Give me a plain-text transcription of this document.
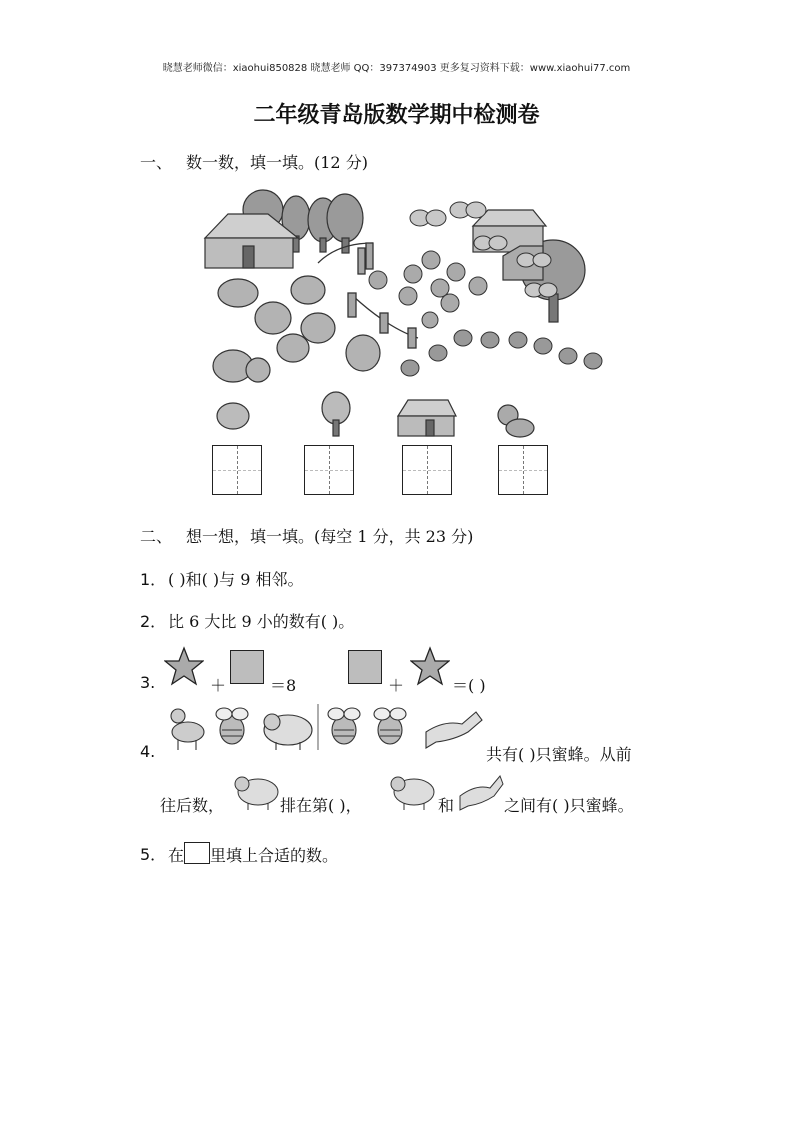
晓慧老师微信：xiaohui850828 晓慧老师 QQ：397374903 更多复习资料下载：www.xiaohui77.com
二年级青岛版数学期中检测卷
一、 数一数，填一填。(12 分)
二、 想一想，填一填。(每空 1 分，共 23 分)
1． ( )和( )与 9 相邻。
2． 比 6 大比 9 小的数有( )。
3.	＋	＝8	＋	＝( )
4.	共有( )只蜜蜂。从前
往后数，	排在第( )，	和	之间有( )只蜜蜂。
5． 在 里填上合适的数。
